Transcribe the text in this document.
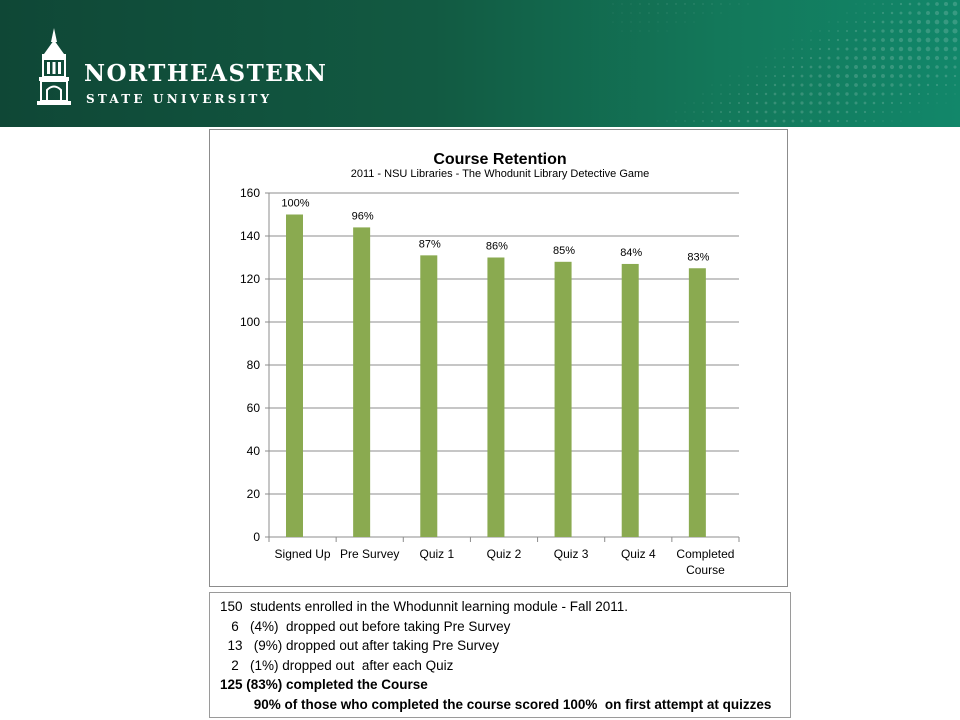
NORTHEASTERN
STATE UNIVERSITY
Course Retention
2011 - NSU Libraries - The Whodunit Library Detective Game
0
20
40
60
80
100
120
140
160
Signed Up Pre Survey Quiz 1	Quiz 2	Quiz 3	Quiz 4 Completed Course
100%
96%
87%	86%	85%	84%	83%
150  students enrolled in the Whodunnit learning module - Fall 2011.
6   (4%)  dropped out before taking Pre Survey
13   (9%) dropped out after taking Pre Survey
2   (1%) dropped out  after each Quiz
125 (83%) completed the Course
90% of those who completed the course scored 100%  on first attempt at quizzes
